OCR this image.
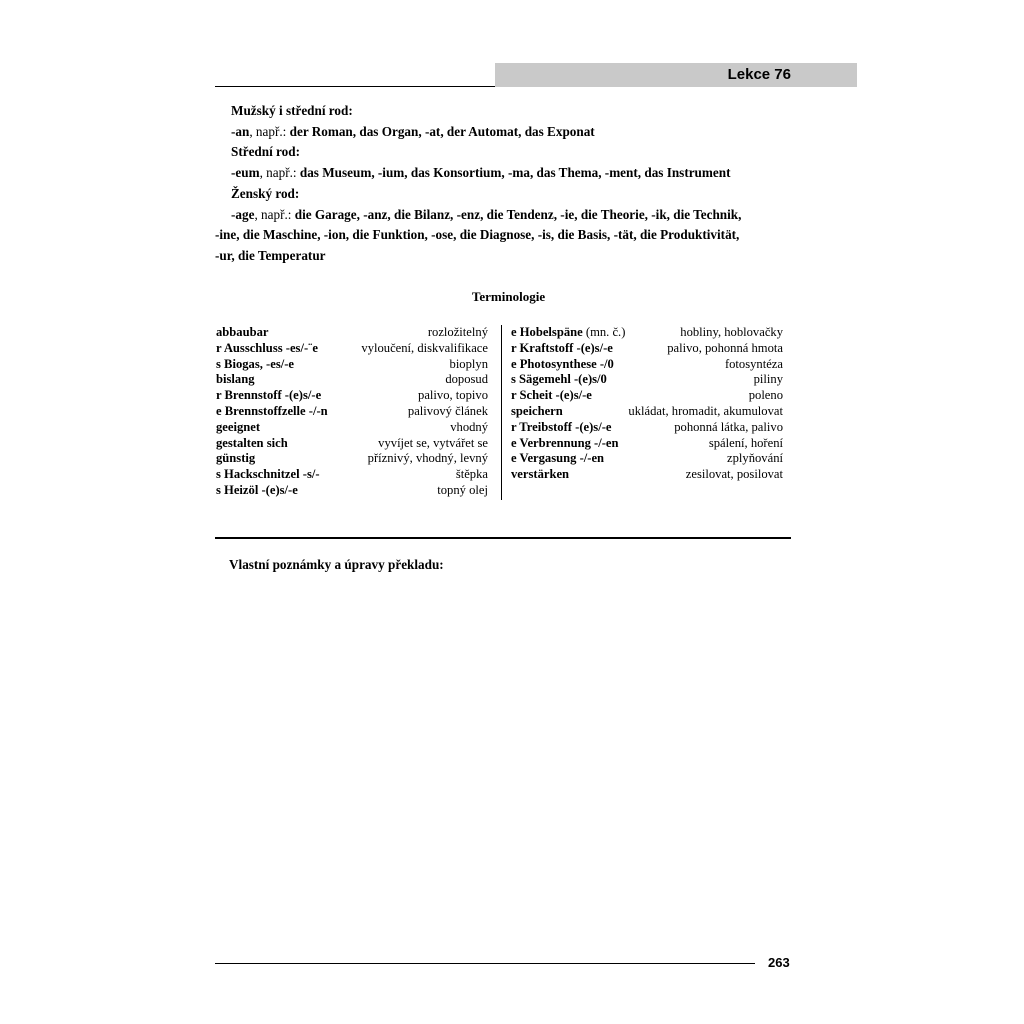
Lekce 76

Mužský i střední rod:

-an, např.: der Roman, das Organ, -at, der Automat, das Exponat

Střední rod:

-eum, např.: das Museum, -ium, das Konsortium, -ma, das Thema, -ment, das Instrument

Ženský rod:

-age, např.: die Garage, -anz, die Bilanz, -enz, die Tendenz, -ie, die Theorie, -ik, die Technik,

-ine, die Maschine, -ion, die Funktion, -ose, die Diagnose, -is, die Basis, -tät, die Produktivität,

-ur, die Temperatur

Terminologie
abbaubar	rozložitelný
r Ausschluss -es/-¨e	vyloučení, diskvalifikace
s Biogas, -es/-e	bioplyn
bislang	doposud
r Brennstoff -(e)s/-e	palivo, topivo
e Brennstoffzelle -/-n	palivový článek
geeignet	vhodný
gestalten sich	vyvíjet se, vytvářet se
günstig	příznivý, vhodný, levný
s Hackschnitzel -s/-	štěpka
s Heizöl -(e)s/-e	topný olej
e Hobelspäne (mn. č.)	hobliny, hoblovačky
r Kraftstoff -(e)s/-e	palivo, pohonná hmota
e Photosynthese -/0	fotosyntéza
s Sägemehl -(e)s/0	piliny
r Scheit -(e)s/-e	poleno
speichern	ukládat, hromadit, akumulovat
r Treibstoff -(e)s/-e	pohonná látka, palivo
e Verbrennung -/-en	spálení, hoření
e Vergasung -/-en	zplyňování
verstärken	zesilovat, posilovat
Vlastní poznámky a úpravy překladu:
263
